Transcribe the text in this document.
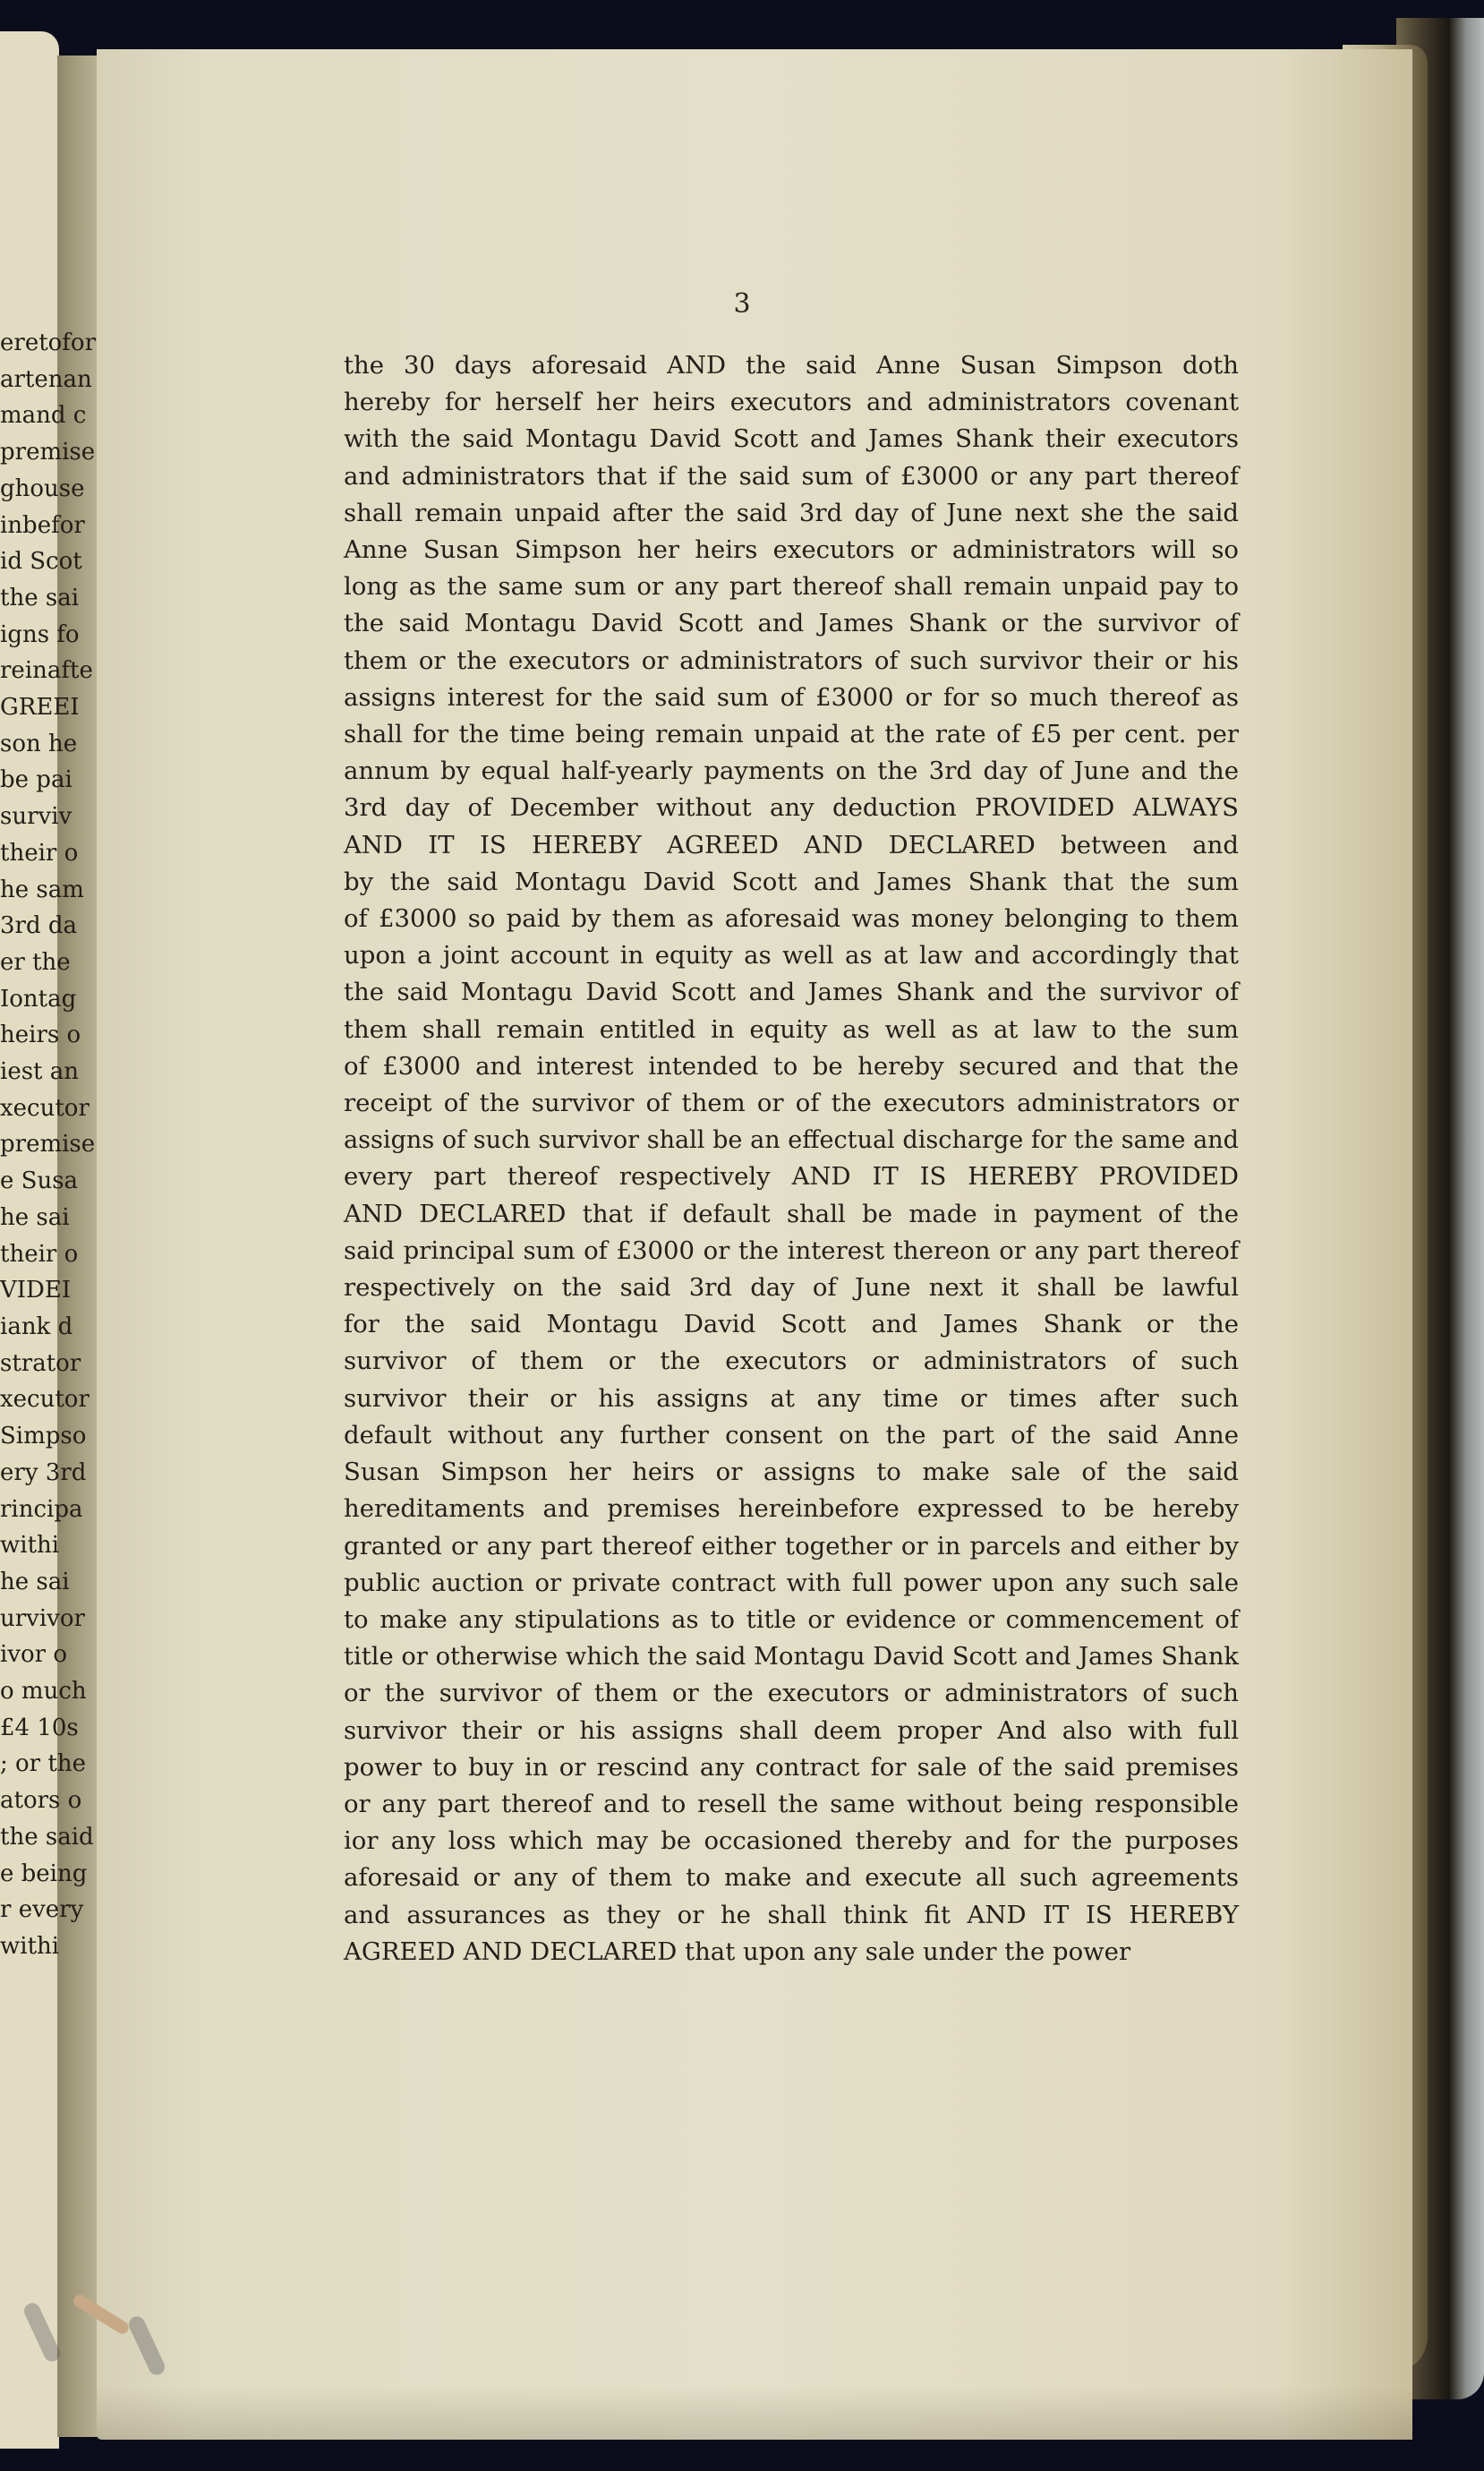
eretofor
artenan
mand c
premise
ghouse
inbefor
id Scot
the sai
igns fo
reinafte
GREEI
son he
be pai
surviv
their o
he sam
3rd da
er the
Iontag
heirs o
iest an
xecutor
premise
e Susa
he sai
their o
VIDEI
iank d
strator
xecutor
Simpso
ery 3rd
rincipa
withi
he sai
urvivor
ivor o
o much
£4 10s
; or the
ators o
the said
e being
r every
withi
3
the 30 days aforesaid AND the said Anne Susan Simpson doth
hereby for herself her heirs executors and administrators covenant
with the said Montagu David Scott and James Shank their executors
and administrators that if the said sum of £3000 or any part thereof
shall remain unpaid after the said 3rd day of June next she the said
Anne Susan Simpson her heirs executors or administrators will so
long as the same sum or any part thereof shall remain unpaid pay to
the said Montagu David Scott and James Shank or the survivor of
them or the executors or administrators of such survivor their or his
assigns interest for the said sum of £3000 or for so much thereof as
shall for the time being remain unpaid at the rate of £5 per cent. per
annum by equal half-yearly payments on the 3rd day of June and the
3rd day of December without any deduction PROVIDED ALWAYS
AND IT IS HEREBY AGREED AND DECLARED between and
by the said Montagu David Scott and James Shank that the sum
of £3000 so paid by them as aforesaid was money belonging to them
upon a joint account in equity as well as at law and accordingly that
the said Montagu David Scott and James Shank and the survivor of
them shall remain entitled in equity as well as at law to the sum
of £3000 and interest intended to be hereby secured and that the
receipt of the survivor of them or of the executors administrators or
assigns of such survivor shall be an effectual discharge for the same and
every part thereof respectively AND IT IS HEREBY PROVIDED
AND DECLARED that if default shall be made in payment of the
said principal sum of £3000 or the interest thereon or any part thereof
respectively on the said 3rd day of June next it shall be lawful
for the said Montagu David Scott and James Shank or the
survivor of them or the executors or administrators of such
survivor their or his assigns at any time or times after such
default without any further consent on the part of the said Anne
Susan Simpson her heirs or assigns to make sale of the said
hereditaments and premises hereinbefore expressed to be hereby
granted or any part thereof either together or in parcels and either by
public auction or private contract with full power upon any such sale
to make any stipulations as to title or evidence or commencement of
title or otherwise which the said Montagu David Scott and James Shank
or the survivor of them or the executors or administrators of such
survivor their or his assigns shall deem proper And also with full
power to buy in or rescind any contract for sale of the said premises
or any part thereof and to resell the same without being responsible
ior any loss which may be occasioned thereby and for the purposes
aforesaid or any of them to make and execute all such agreements
and assurances as they or he shall think fit AND IT IS HEREBY
AGREED AND DECLARED that upon any sale under the power
